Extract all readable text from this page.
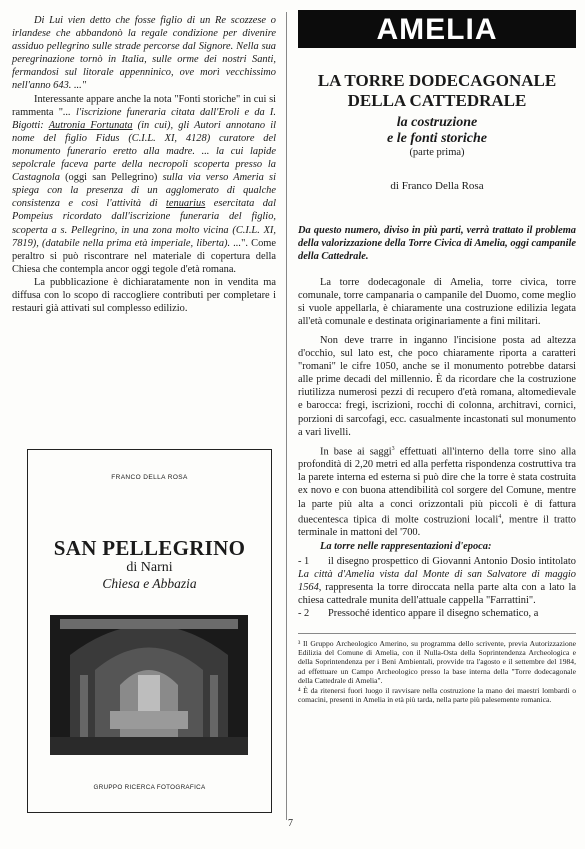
Di Lui vien detto che fosse figlio di un Re scozzese o irlandese che abbandonò la regale condizione per divenire assiduo pellegrino sulle strade percorse dal Signore. Nella sua peregrinazione tornò in Italia, sulle orme dei nostri Santi, fermandosi sul litorale appenninico, ove morì vecchissimo nell'anno 643. ..."

Interessante appare anche la nota "Fonti storiche" in cui si rammenta "... l'iscrizione funeraria citata dall'Eroli e da I. Bigotti: Autronia Fortunata (in cui), gli Autori annotano il nome del figlio Fidus (C.I.L. XI, 4128) curatore del monumento funerario eretto alla madre. ... la cui lapide sepolcrale faceva parte della necropoli scoperta presso la Castagnola (oggi san Pellegrino) sulla via verso Ameria si spiega con la presenza di un agglomerato di qualche consistenza e così l'attività di tenuarius esercitata dal Pompeius ricordato dall'iscrizione funeraria del figlio, scoperta a s. Pellegrino, in una zona molto vicina (C.I.L. XI, 7819), (databile nella prima età imperiale, liberta). ...". Come peraltro si può riscontrare nel materiale di copertura della Chiesa che contempla ancor oggi tegole d'età romana.

La pubblicazione è dichiaratamente non in vendita ma diffusa con lo scopo di raccogliere contributi per completare i restauri già attivati sul complesso edilizio.

FRANCO DELLA ROSA
SAN PELLEGRINO
di Narni
Chiesa e Abbazia
GRUPPO RICERCA FOTOGRAFICA
AMELIA
LA TORRE DODECAGONALE
DELLA CATTEDRALE
la costruzione
e le fonti storiche
(parte prima)
di Franco Della Rosa

Da questo numero, diviso in più parti, verrà trattato il problema della valorizzazione della Torre Civica di Amelia, oggi campanile della Cattedrale.

La torre dodecagonale di Amelia, torre civica, torre comunale, torre campanaria o campanile del Duomo, come meglio si vuole appellarla, è chiaramente una costruzione edilizia legata all'età comunale e destinata originariamente a fini militari.

Non deve trarre in inganno l'incisione posta ad altezza d'occhio, sul lato est, che poco chiaramente riporta a caratteri "romani" le cifre 1050, anche se il monumento potrebbe datarsi alle prime decadi del millennio. È da ricordare che la costruzione riutilizza numerosi pezzi di recupero d'età romana, altomedievale e barocca: fregi, iscrizioni, rocchi di colonna, architravi, cornici, porzioni di sarcofagi, ecc. casualmente incastonati sul monumento a vari livelli.

In base ai saggi$^3$ effettuati all'interno della torre sino alla profondità di 2,20 metri ed alla perfetta rispondenza costruttiva tra la parete interna ed esterna si può dire che la torre è stata costruita ex novo e con buona attendibilità col sorgere del Comune, mentre la parte più alta a conci orizzontali più piccoli è di fattura duecentesca tipica di molte costruzioni locali$^4$, mentre il tratto terminale in mattoni del '700.

La torre nelle rappresentazioni d'epoca:
- 1 il disegno prospettico di Giovanni Antonio Dosio intitolato La città d'Amelia vista dal Monte di san Salvatore di maggio 1564, rappresenta la torre diroccata nella parte alta con a lato la chiesa cattedrale munita dell'attuale cappella "Farrattini".
- 2 Pressoché identico appare il disegno schematico, a

³ Il Gruppo Archeologico Amerino, su programma dello scrivente, previa Autorizzazione Edilizia del Comune di Amelia, con il Nulla-Osta della Soprintendenza Archeologica e della Soprintendenza per i Beni Ambientali, provvide tra l'agosto e il settembre del 1984, ad effettuare un Campo Archeologico presso la base interna della "Torre dodecagonale della Cattedrale di Amelia".

⁴ È da ritenersi fuori luogo il ravvisare nella costruzione la mano dei maestri lombardi o comacini, presenti in Amelia in età più tarda, nella parte più palesemente romanica.

7
